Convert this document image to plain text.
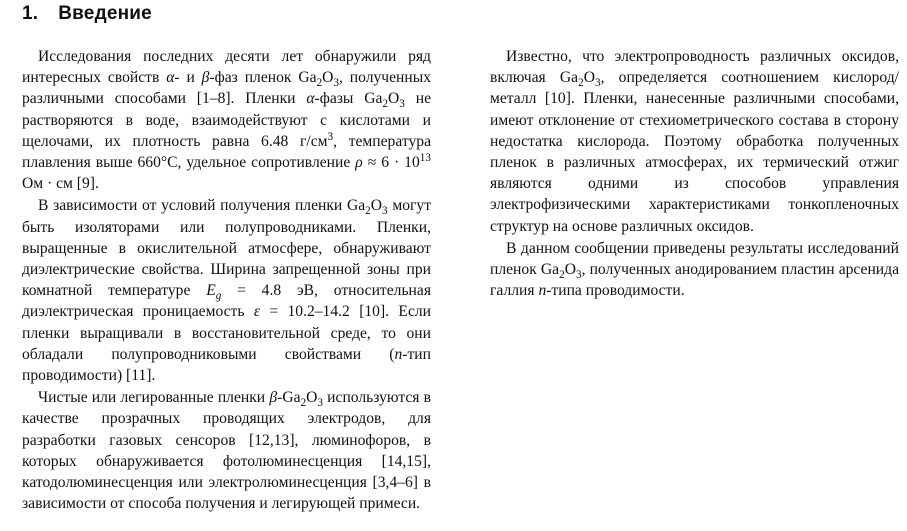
1. Введение

Исследования последних десяти лет обнаружили ряд интересных свойств α- и β-фаз пленок $Ga_2O_3$, полученных различными способами [1–8]. Пленки α-фазы $Ga_2O_3$ не растворяются в воде, взаимодействуют с кислотами и щелочами, их плотность равна 6.48 $г/см^3$, температура плавления выше 660°C, удельное сопротивление $\rho \approx 6 \cdot 10^{13}$ Ом · см [9].

В зависимости от условий получения пленки $Ga_2O_3$ могут быть изоляторами или полупроводниками. Пленки, выращенные в окислительной атмосфере, обнаруживают диэлектрические свойства. Ширина запрещенной зоны при комнатной температуре $E_g = 4.8$ эВ, относительная диэлектрическая проницаемость ε = 10.2–14.2 [10]. Если пленки выращивали в восстановительной среде, то они обладали полупроводниковыми свойствами (n-тип проводимости) [11].

Чистые или легированные пленки $\beta-Ga_2O_3$ используются в качестве прозрачных проводящих электродов, для разработки газовых сенсоров [12,13], люминофоров, в которых обнаруживается фотолюминесценция [14,15], катодолюминесценция или электролюминесценция [3,4–6] в зависимости от способа получения и легирующей примеси.

Известно, что электропроводность различных оксидов, включая $Ga_2O_3$, определяется соотношением кислород/металл [10]. Пленки, нанесенные различными способами, имеют отклонение от стехиометрического состава в сторону недостатка кислорода. Поэтому обработка полученных пленок в различных атмосферах, их термический отжиг являются одними из способов управления электрофизическими характеристиками тонкопленочных структур на основе различных оксидов.

В данном сообщении приведены результаты исследований пленок $Ga_2O_3$, полученных анодированием пластин арсенида галлия n-типа проводимости.
